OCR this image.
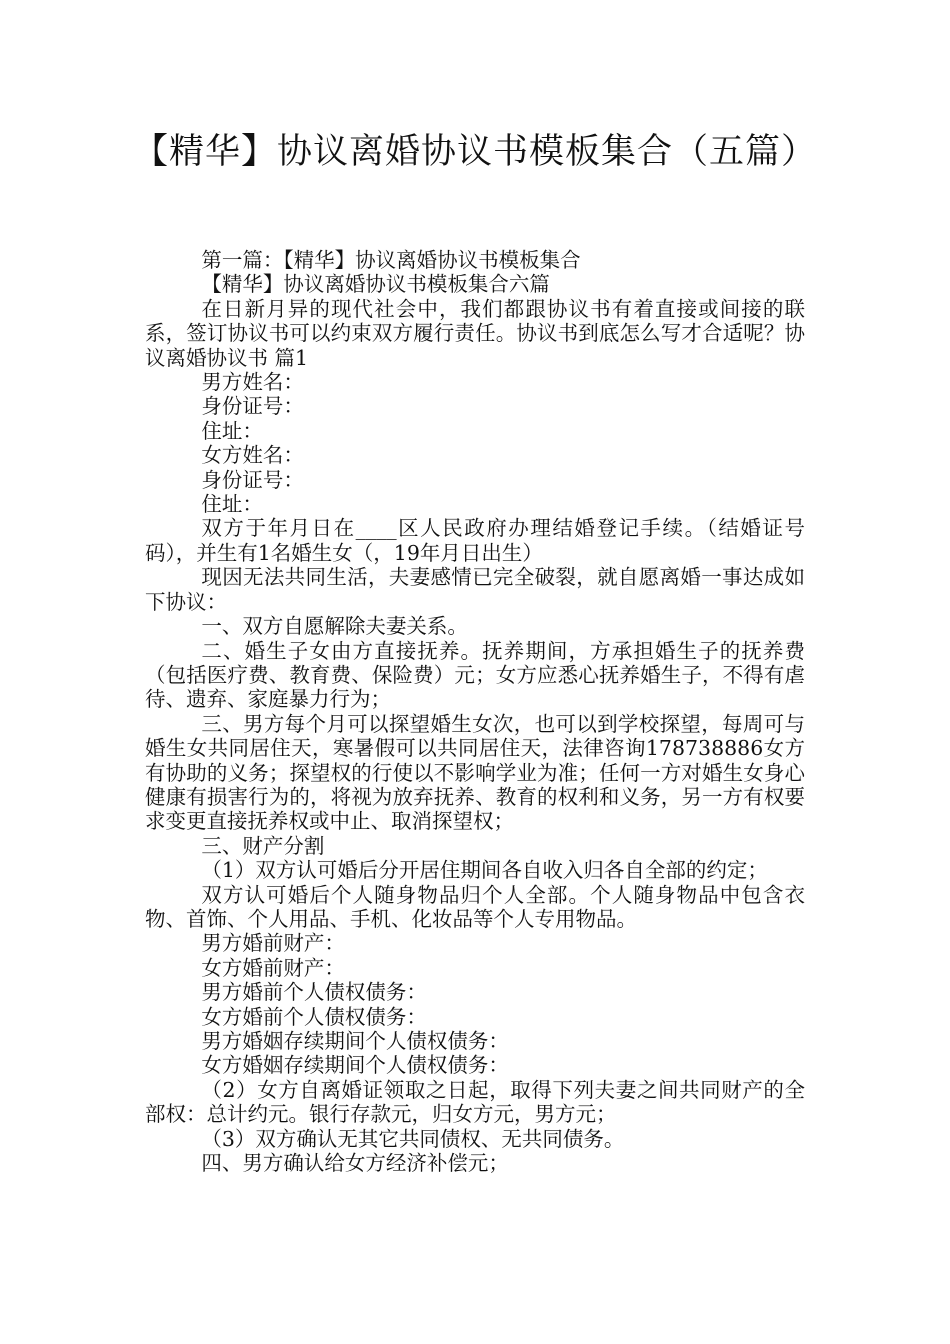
【精华】协议离婚协议书模板集合（五篇）

第一篇：【精华】协议离婚协议书模板集合

【精华】协议离婚协议书模板集合六篇

在日新月异的现代社会中，我们都跟协议书有着直接或间接的联系，签订协议书可以约束双方履行责任。协议书到底怎么写才合适呢？协议离婚协议书 篇1

男方姓名：

身份证号：

住址：

女方姓名：

身份证号：

住址：

双方于年月日在____区人民政府办理结婚登记手续。（结婚证号码），并生有1名婚生女（，19年月日出生）

现因无法共同生活，夫妻感情已完全破裂，就自愿离婚一事达成如下协议：

一、双方自愿解除夫妻关系。

二、婚生子女由方直接抚养。抚养期间，方承担婚生子的抚养费（包括医疗费、教育费、保险费）元；女方应悉心抚养婚生子，不得有虐待、遗弃、家庭暴力行为；

三、男方每个月可以探望婚生女次，也可以到学校探望，每周可与婚生女共同居住天，寒暑假可以共同居住天，法律咨询178738886女方有协助的义务；探望权的行使以不影响学业为准；任何一方对婚生女身心健康有损害行为的，将视为放弃抚养、教育的权利和义务，另一方有权要求变更直接抚养权或中止、取消探望权；

三、财产分割

（1）双方认可婚后分开居住期间各自收入归各自全部的约定；

双方认可婚后个人随身物品归个人全部。个人随身物品中包含衣物、首饰、个人用品、手机、化妆品等个人专用物品。

男方婚前财产：

女方婚前财产：

男方婚前个人债权债务：

女方婚前个人债权债务：

男方婚姻存续期间个人债权债务：

女方婚姻存续期间个人债权债务：

（2）女方自离婚证领取之日起，取得下列夫妻之间共同财产的全部权：总计约元。银行存款元，归女方元，男方元；

（3）双方确认无其它共同债权、无共同债务。

四、男方确认给女方经济补偿元；
